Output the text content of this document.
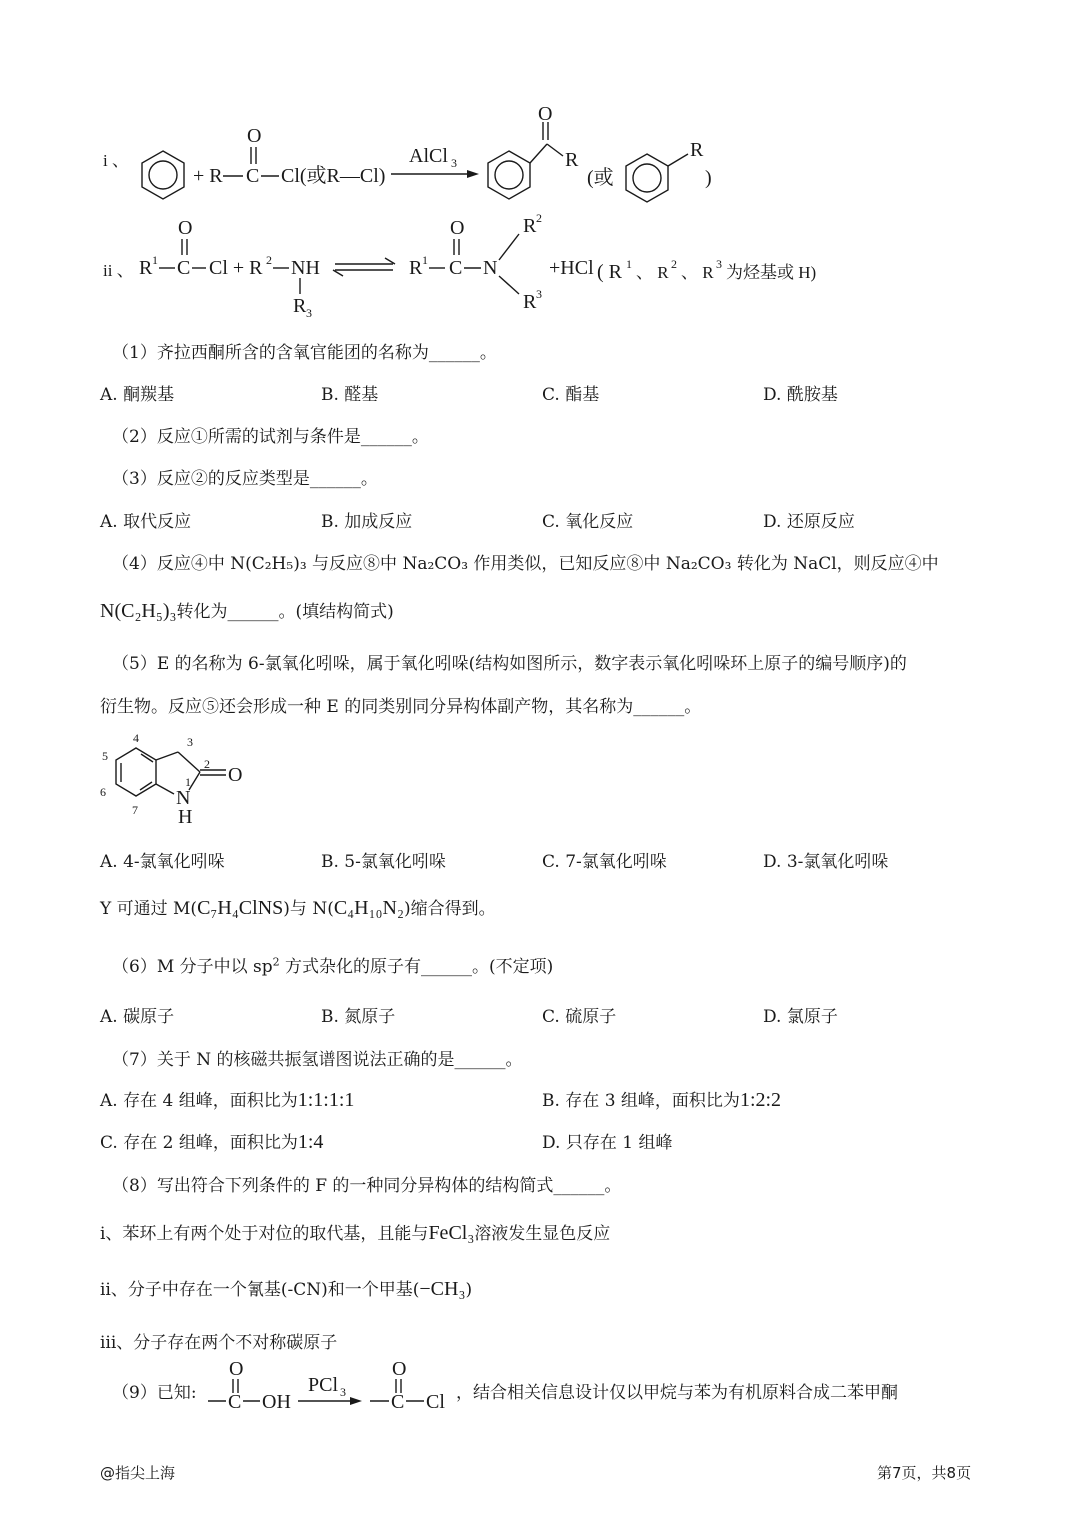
i 、
+ R
O
C Cl(或R—Cl)
AlCl 3
O
R
(或
R
)
ii 、 R 1
O
C Cl + R 2 NH
R 3
R 1
O
C N
R 2
R 3
+HCl ( R 1 、 R 2 、 R 3 为烃基或 H)
（1）齐拉西酮所含的含氧官能团的名称为______。
A. 酮羰基	B. 醛基	C. 酯基	D. 酰胺基
（2）反应①所需的试剂与条件是______。
（3）反应②的反应类型是______。
A. 取代反应	B. 加成反应	C. 氧化反应	D. 还原反应
（4）反应④中 N(C₂H₅)₃ 与反应⑧中 Na₂CO₃ 作用类似，已知反应⑧中 Na₂CO₃ 转化为 NaCl，则反应④中
N(C₂H₅)₃转化为______。(填结构简式)
（5）E 的名称为 6-氯氧化吲哚，属于氧化吲哚(结构如图所示，数字表示氧化吲哚环上原子的编号顺序)的
衍生物。反应⑤还会形成一种 E 的同类别同分异构体副产物，其名称为______。
N
H
O
1
2
3
4
5
6
7
A. 4-氯氧化吲哚	B. 5-氯氧化吲哚	C. 7-氯氧化吲哚	D. 3-氯氧化吲哚
Y 可通过 M(C₇H₄ClNS)与 N(C₄H₁₀N₂)缩合得到。
（6）M 分子中以 $sp^2$ 方式杂化的原子有______。(不定项)
A. 碳原子	B. 氮原子	C. 硫原子	D. 氯原子
（7）关于 N 的核磁共振氢谱图说法正确的是______。
A. 存在 4 组峰，面积比为1:1:1:1	B. 存在 3 组峰，面积比为1:2:2
C. 存在 2 组峰，面积比为1:4	D. 只存在 1 组峰
（8）写出符合下列条件的 F 的一种同分异构体的结构简式______。
ⅰ、苯环上有两个处于对位的取代基，且能与FeCl₃溶液发生显色反应
ⅱ、分子中存在一个氰基(-CN)和一个甲基(−CH₃)
ⅲ、分子存在两个不对称碳原子
（9）已知:
O
C OH
PCl 3
O
C Cl ，结合相关信息设计仅以甲烷与苯为有机原料合成二苯甲酮
@指尖上海	第7页，共8页
